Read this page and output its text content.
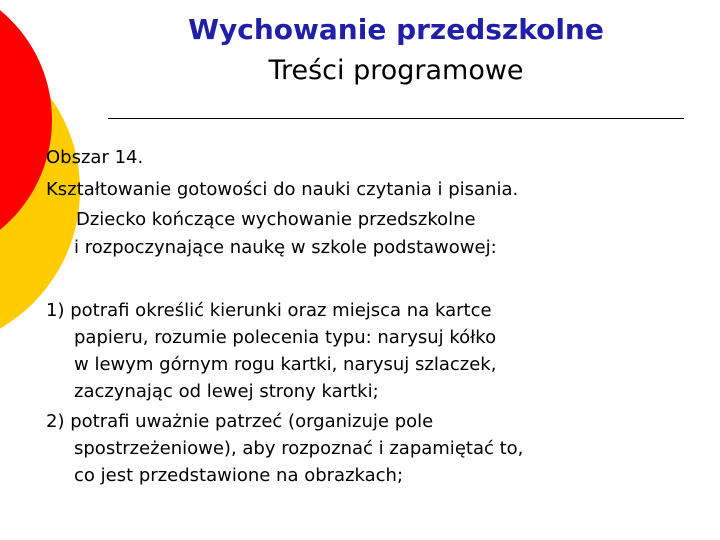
Wychowanie przedszkolne
Treści programowe

Obszar 14.

Kształtowanie gotowości do nauki czytania i pisania.

Dziecko kończące wychowanie przedszkolne

i rozpoczynające naukę w szkole podstawowej:

1) potrafi określić kierunki oraz miejsca na kartce

papieru, rozumie polecenia typu: narysuj kółko

w lewym górnym rogu kartki, narysuj szlaczek,

zaczynając od lewej strony kartki;

2) potrafi uważnie patrzeć (organizuje pole

spostrzeżeniowe), aby rozpoznać i zapamiętać to,

co jest przedstawione na obrazkach;
